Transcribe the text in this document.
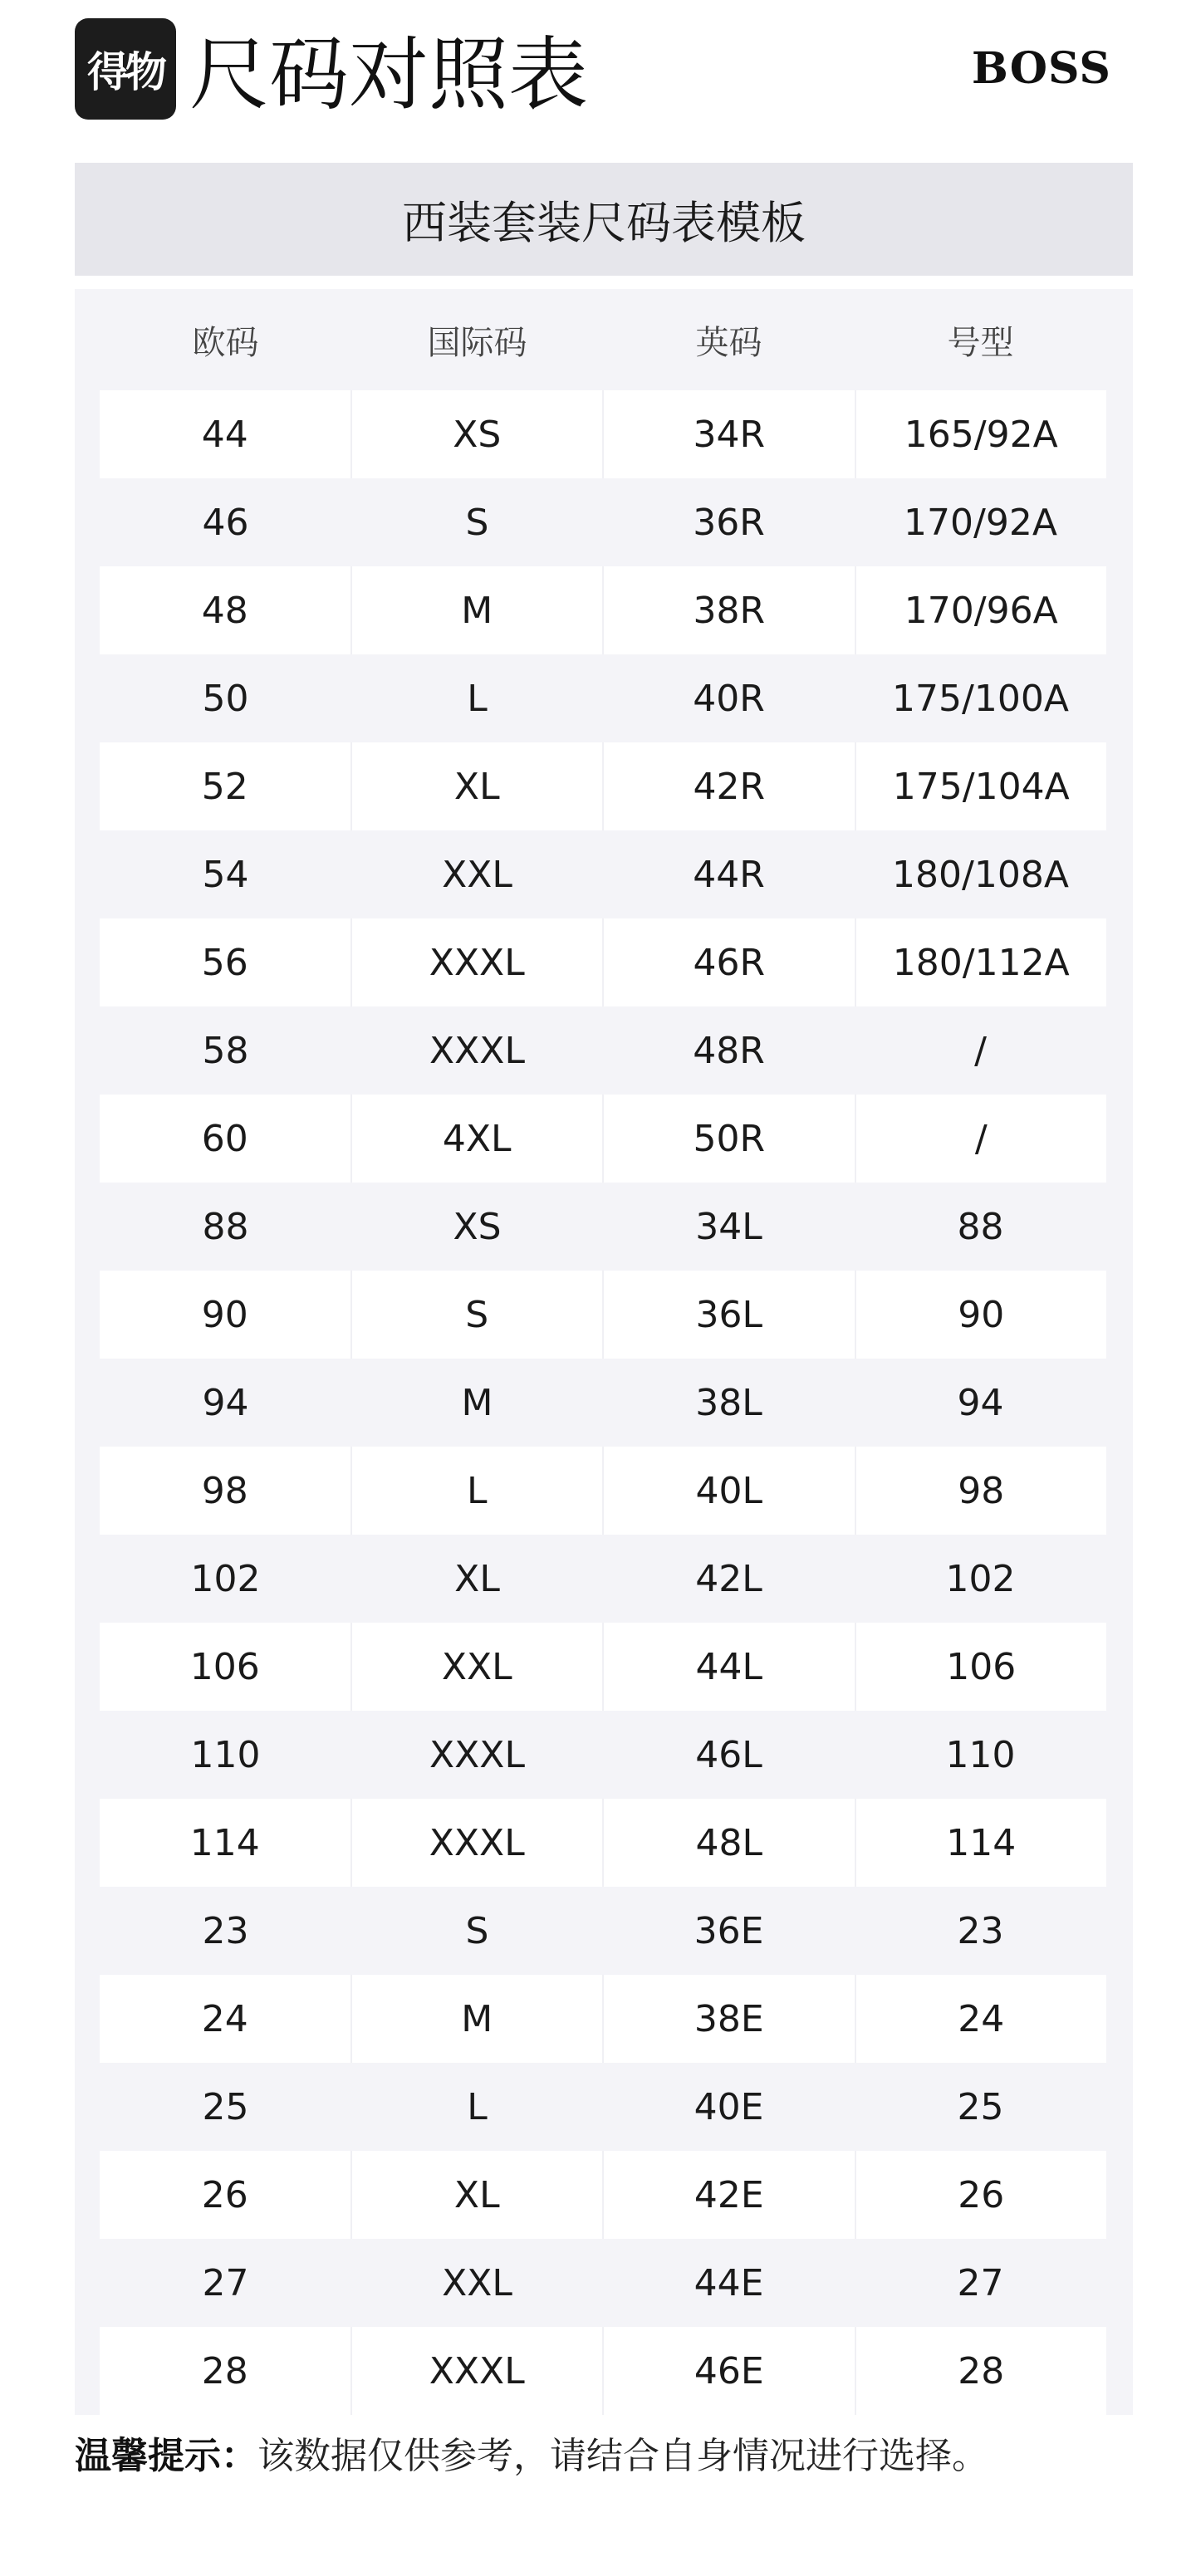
得物 尺码对照表	BOSS
西装套装尺码表模板
欧码	国际码	英码	号型
44	XS	34R	165/92A
46	S	36R	170/92A
48	M	38R	170/96A
50	L	40R	175/100A
52	XL	42R	175/104A
54	XXL	44R	180/108A
56	XXXL	46R	180/112A
58	XXXL	48R	/
60	4XL	50R	/
88	XS	34L	88
90	S	36L	90
94	M	38L	94
98	L	40L	98
102	XL	42L	102
106	XXL	44L	106
110	XXXL	46L	110
114	XXXL	48L	114
23	S	36E	23
24	M	38E	24
25	L	40E	25
26	XL	42E	26
27	XXL	44E	27
28	XXXL	46E	28
温馨提示：该数据仅供参考，请结合自身情况进行选择。
